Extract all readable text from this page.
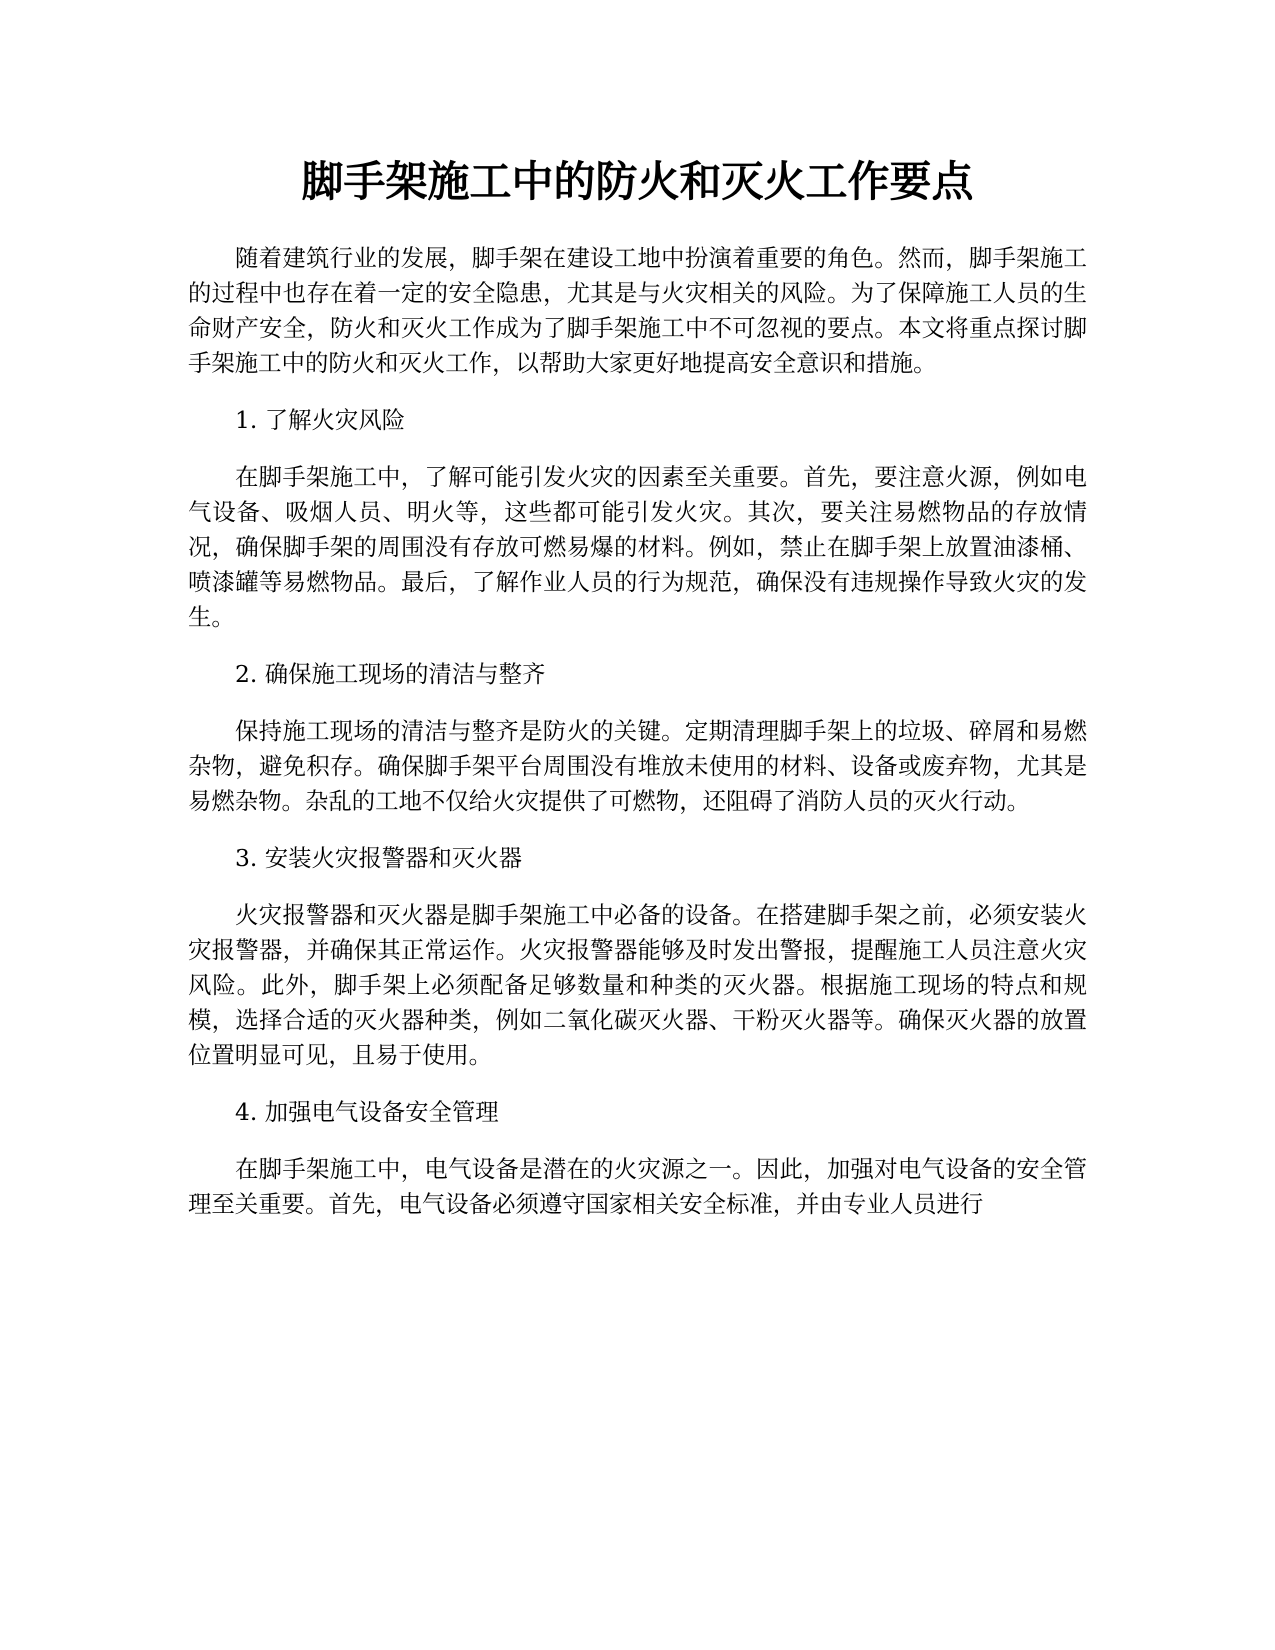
脚手架施工中的防火和灭火工作要点

随着建筑行业的发展，脚手架在建设工地中扮演着重要的角色。然而，脚手架施工的过程中也存在着一定的安全隐患，尤其是与火灾相关的风险。为了保障施工人员的生命财产安全，防火和灭火工作成为了脚手架施工中不可忽视的要点。本文将重点探讨脚手架施工中的防火和灭火工作，以帮助大家更好地提高安全意识和措施。

1. 了解火灾风险

在脚手架施工中，了解可能引发火灾的因素至关重要。首先，要注意火源，例如电气设备、吸烟人员、明火等，这些都可能引发火灾。其次，要关注易燃物品的存放情况，确保脚手架的周围没有存放可燃易爆的材料。例如，禁止在脚手架上放置油漆桶、喷漆罐等易燃物品。最后，了解作业人员的行为规范，确保没有违规操作导致火灾的发生。

2. 确保施工现场的清洁与整齐

保持施工现场的清洁与整齐是防火的关键。定期清理脚手架上的垃圾、碎屑和易燃杂物，避免积存。确保脚手架平台周围没有堆放未使用的材料、设备或废弃物，尤其是易燃杂物。杂乱的工地不仅给火灾提供了可燃物，还阻碍了消防人员的灭火行动。

3. 安装火灾报警器和灭火器

火灾报警器和灭火器是脚手架施工中必备的设备。在搭建脚手架之前，必须安装火灾报警器，并确保其正常运作。火灾报警器能够及时发出警报，提醒施工人员注意火灾风险。此外，脚手架上必须配备足够数量和种类的灭火器。根据施工现场的特点和规模，选择合适的灭火器种类，例如二氧化碳灭火器、干粉灭火器等。确保灭火器的放置位置明显可见，且易于使用。

4. 加强电气设备安全管理

在脚手架施工中，电气设备是潜在的火灾源之一。因此，加强对电气设备的安全管理至关重要。首先，电气设备必须遵守国家相关安全标准，并由专业人员进行
